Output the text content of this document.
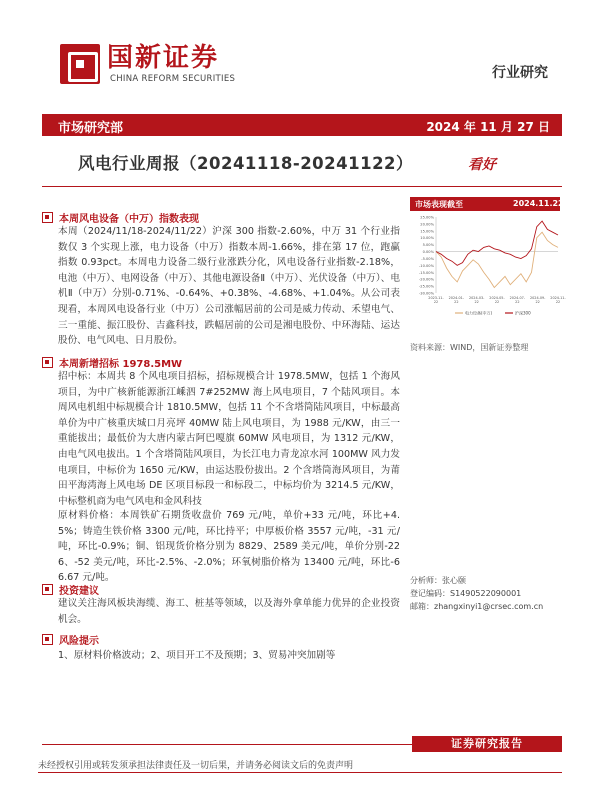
国新证券
CHINA REFORM SECURITIES	行业研究
市场研究部	2024 年 11 月 27 日
风电行业周报（20241118-20241122）	看好
本周风电设备（中万）指数表现
本周（2024/11/18-2024/11/22）沪深 300 指数-2.60%，中万 31 个行业指数仅 3 个实现上涨，电力设备（中万）指数本周-1.66%，排在第 17 位，跑赢指数 0.93pct。本周电力设备二级行业涨跌分化，风电设备行业指数-2.18%，电池（中万）、电网设备（中万）、其他电源设备Ⅱ（中万）、光伏设备（中万）、电机Ⅱ（中万）分别-0.71%、-0.64%、+0.38%、-4.68%、+1.04%。从公司表现看，本周风电设备行业（中万）公司涨幅居前的公司是威力传动、禾望电气、三一重能、振江股份、吉鑫科技，跌幅居前的公司是湘电股份、中环海陆、运达股份、电气风电、日月股份。
本周新增招标 1978.5MW
招中标：本周共 8 个风电项目招标，招标规模合计 1978.5MW，包括 1 个海风项目，为中广核新能源浙江嵊泗 7#252MW 海上风电项目，7 个陆风项目。本周风电机组中标规模合计 1810.5MW，包括 11 个不含塔筒陆风项目，中标最高单价为中广核重庆城口月亮坪 40MW 陆上风电项目，为 1988 元/KW，由三一重能拔出；最低价为大唐内蒙古阿巴嘎旗 60MW 风电项目，为 1312 元/KW，由电气风电拔出。1 个含塔筒陆风项目，为长江电力青龙凉水河 100MW 风力发电项目，中标价为 1650 元/KW，由运达股份拔出。2 个含塔筒海风项目，为莆田平海湾海上风电场 DE 区项目标段一和标段二，中标均价为 3214.5 元/KW，中标整机商为电气风电和金风科技
原材料价格：本周铁矿石期货收盘价 769 元/吨，单价+33 元/吨，环比+4.5%；铸造生铁价格 3300 元/吨，环比持平；中厚板价格 3557 元/吨，-31 元/吨，环比-0.9%；铜、铝现货价格分别为 8829、2589 美元/吨，单价分别-226、-52 美元/吨，环比-2.5%、-2.0%；环氧树脂价格为 13400 元/吨，环比-66.67 元/吨。
投资建议
建议关注海风板块海缆、海工、桩基等领域，以及海外拿单能力优异的企业投资机会。
风险提示
1、原材料价格波动；2、项目开工不及预期；3、贸易冲突加剧等
市场表现截至	2024.11.22
25.00%
20.00%
15.00%
10.00%
5.00%
0.00%
-5.00%
-10.00%
-15.00%
-20.00%
-25.00%
-30.00%
2023-11-
22
2024-01-
22
2024-03-
22
2024-05-
22
2024-07-
22
2024-09-
22
2024-11-
22
电力设备(中万)	沪深300
资料来源：WIND，国新证券整理
分析师：张心颐
登记编码：S1490522090001
邮箱：zhangxinyi1@crsec.com.cn
证券研究报告
未经授权引用或转发须承担法律责任及一切后果，并请务必阅读文后的免责声明
